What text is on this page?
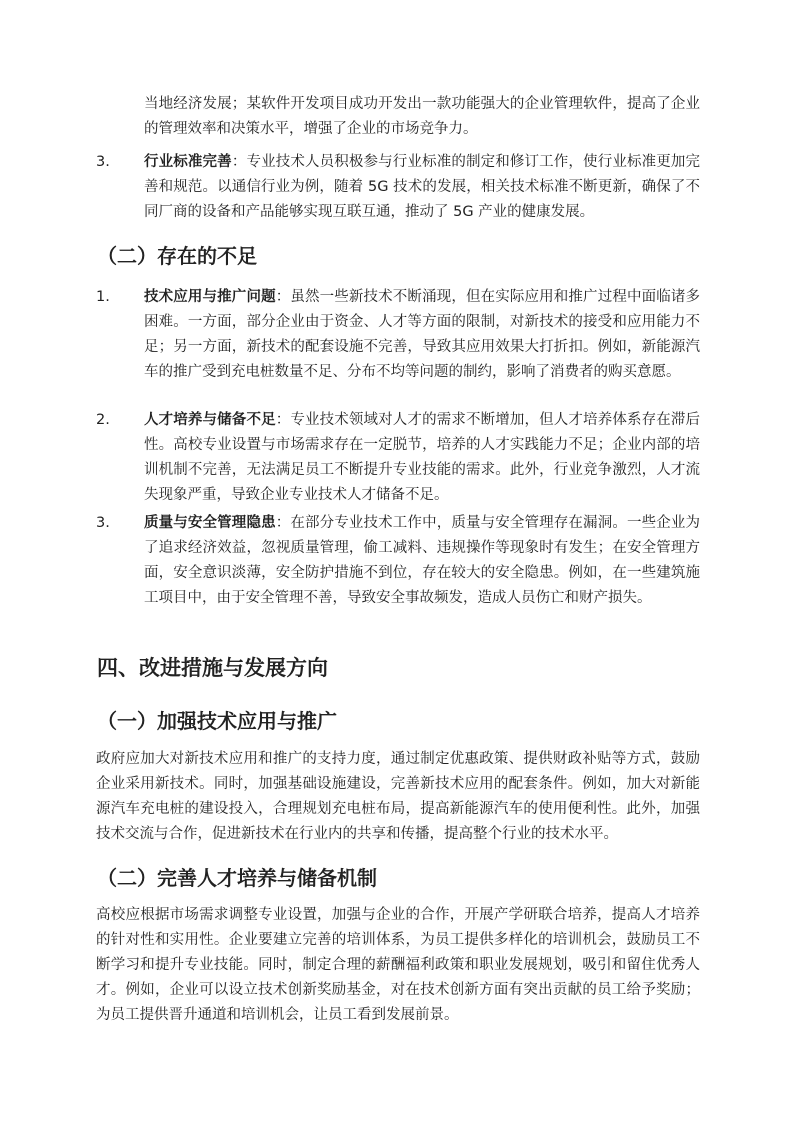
当地经济发展；某软件开发项目成功开发出一款功能强大的企业管理软件，提高了企业的管理效率和决策水平，增强了企业的市场竞争力。

3.	行业标准完善：专业技术人员积极参与行业标准的制定和修订工作，使行业标准更加完善和规范。以通信行业为例，随着 5G 技术的发展，相关技术标准不断更新，确保了不同厂商的设备和产品能够实现互联互通，推动了 5G 产业的健康发展。
（二）存在的不足
1.	技术应用与推广问题：虽然一些新技术不断涌现，但在实际应用和推广过程中面临诸多困难。一方面，部分企业由于资金、人才等方面的限制，对新技术的接受和应用能力不足；另一方面，新技术的配套设施不完善，导致其应用效果大打折扣。例如，新能源汽车的推广受到充电桩数量不足、分布不均等问题的制约，影响了消费者的购买意愿。
2.	人才培养与储备不足：专业技术领域对人才的需求不断增加，但人才培养体系存在滞后性。高校专业设置与市场需求存在一定脱节，培养的人才实践能力不足；企业内部的培训机制不完善，无法满足员工不断提升专业技能的需求。此外，行业竞争激烈，人才流失现象严重，导致企业专业技术人才储备不足。
3.	质量与安全管理隐患：在部分专业技术工作中，质量与安全管理存在漏洞。一些企业为了追求经济效益，忽视质量管理，偷工减料、违规操作等现象时有发生；在安全管理方面，安全意识淡薄，安全防护措施不到位，存在较大的安全隐患。例如，在一些建筑施工项目中，由于安全管理不善，导致安全事故频发，造成人员伤亡和财产损失。
四、改进措施与发展方向
（一）加强技术应用与推广

政府应加大对新技术应用和推广的支持力度，通过制定优惠政策、提供财政补贴等方式，鼓励企业采用新技术。同时，加强基础设施建设，完善新技术应用的配套条件。例如，加大对新能源汽车充电桩的建设投入，合理规划充电桩布局，提高新能源汽车的使用便利性。此外，加强技术交流与合作，促进新技术在行业内的共享和传播，提高整个行业的技术水平。

（二）完善人才培养与储备机制

高校应根据市场需求调整专业设置，加强与企业的合作，开展产学研联合培养，提高人才培养的针对性和实用性。企业要建立完善的培训体系，为员工提供多样化的培训机会，鼓励员工不断学习和提升专业技能。同时，制定合理的薪酬福利政策和职业发展规划，吸引和留住优秀人才。例如，企业可以设立技术创新奖励基金，对在技术创新方面有突出贡献的员工给予奖励；为员工提供晋升通道和培训机会，让员工看到发展前景。
